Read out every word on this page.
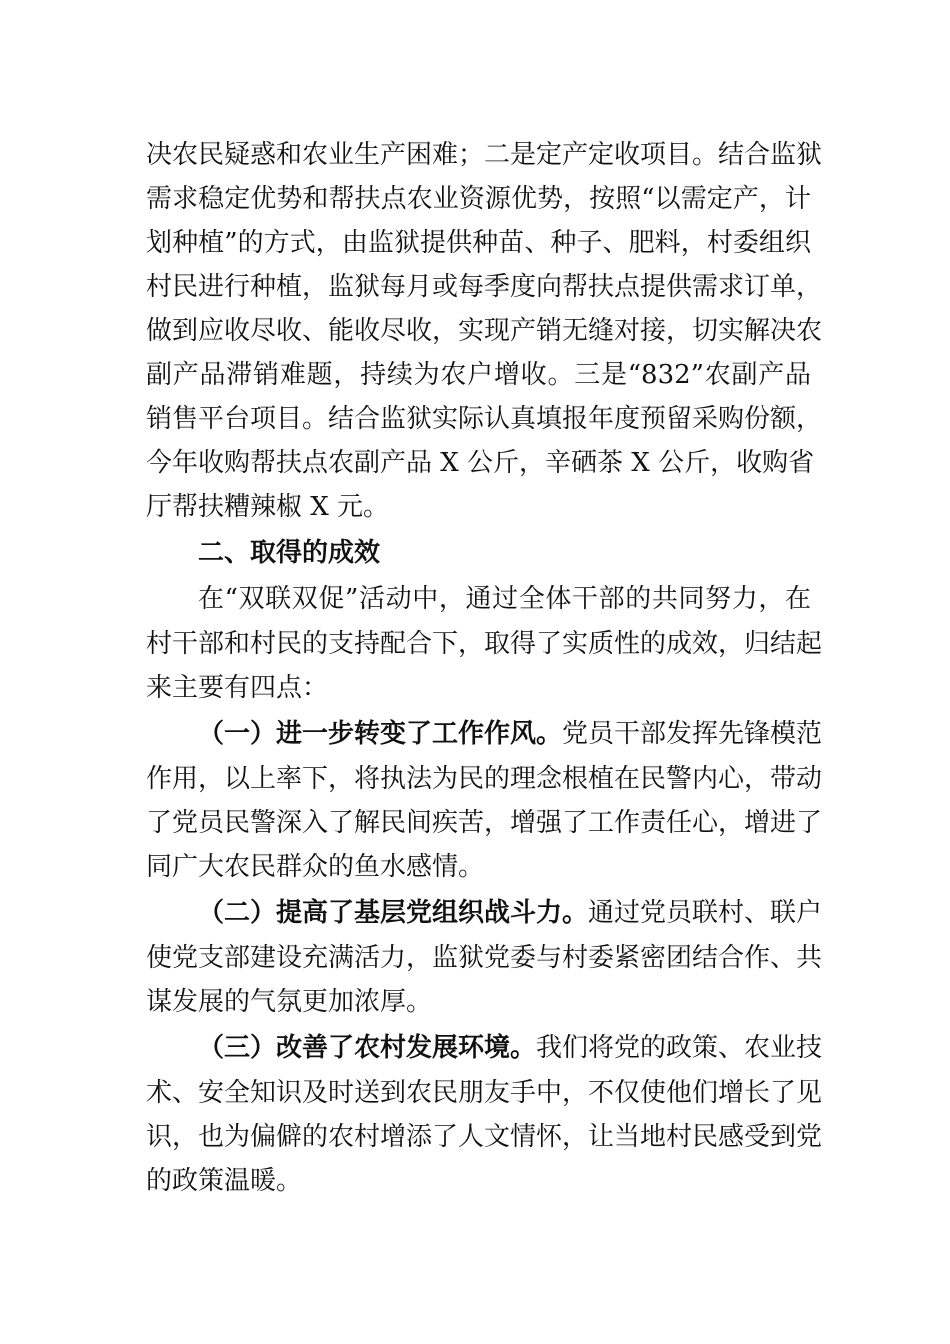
决农民疑惑和农业生产困难；二是定产定收项目。结合监狱
需求稳定优势和帮扶点农业资源优势，按照“以需定产，计
划种植”的方式，由监狱提供种苗、种子、肥料，村委组织
村民进行种植，监狱每月或每季度向帮扶点提供需求订单，
做到应收尽收、能收尽收，实现产销无缝对接，切实解决农
副产品滞销难题，持续为农户增收。三是“832”农副产品
销售平台项目。结合监狱实际认真填报年度预留采购份额，
今年收购帮扶点农副产品 X 公斤，辛硒茶 X 公斤，收购省
厅帮扶糟辣椒 X 元。
二、取得的成效
在“双联双促”活动中，通过全体干部的共同努力，在
村干部和村民的支持配合下，取得了实质性的成效，归结起
来主要有四点：
（一）进一步转变了工作作风。党员干部发挥先锋模范
作用，以上率下，将执法为民的理念根植在民警内心，带动
了党员民警深入了解民间疾苦，增强了工作责任心，增进了
同广大农民群众的鱼水感情。
（二）提高了基层党组织战斗力。通过党员联村、联户
使党支部建设充满活力，监狱党委与村委紧密团结合作、共
谋发展的气氛更加浓厚。
（三）改善了农村发展环境。我们将党的政策、农业技
术、安全知识及时送到农民朋友手中，不仅使他们增长了见
识，也为偏僻的农村增添了人文情怀，让当地村民感受到党
的政策温暖。
